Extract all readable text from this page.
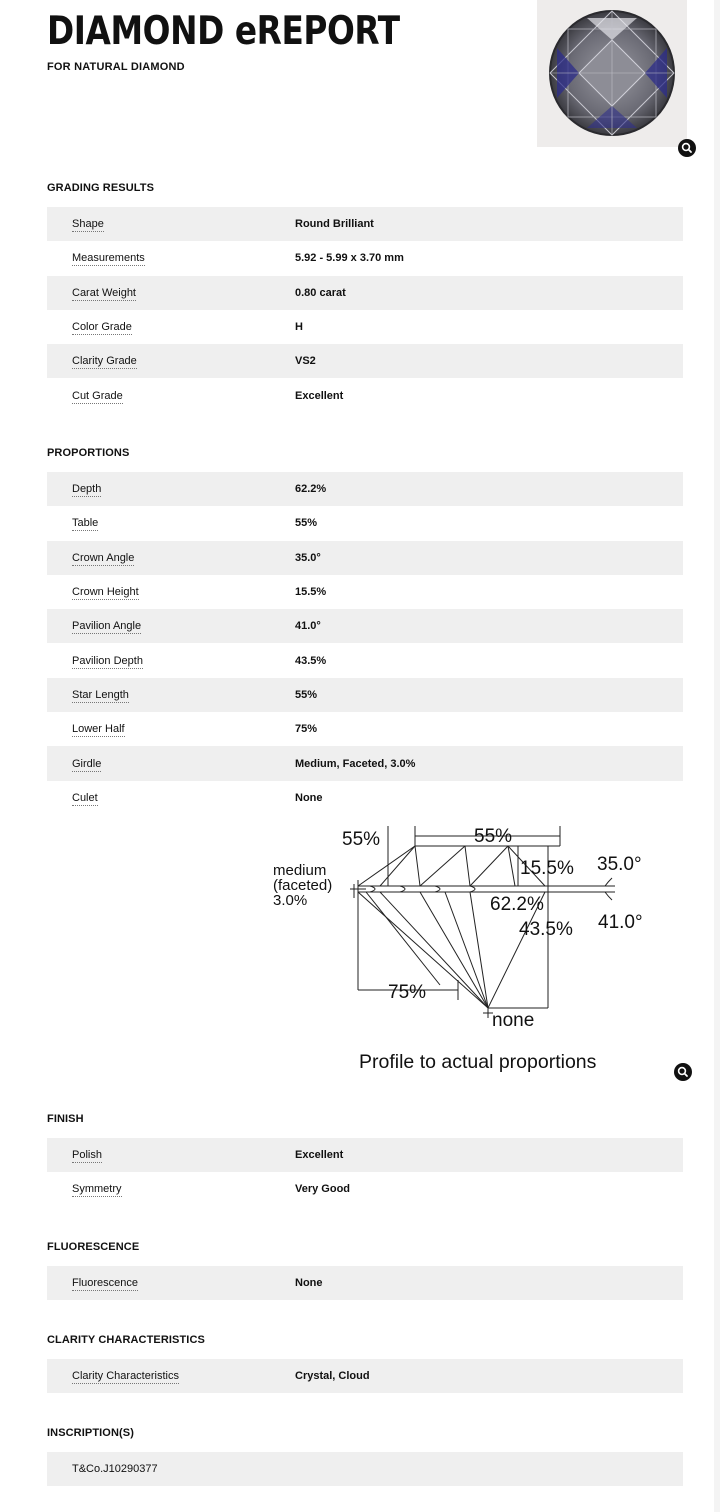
DIAMOND eREPORT
FOR NATURAL DIAMOND
GRADING RESULTS
Shape	Round Brilliant
Measurements	5.92 - 5.99 x 3.70 mm
Carat Weight	0.80 carat
Color Grade	H
Clarity Grade	VS2
Cut Grade	Excellent
PROPORTIONS
Depth	62.2%
Table	55%
Crown Angle	35.0°
Crown Height	15.5%
Pavilion Angle	41.0°
Pavilion Depth	43.5%
Star Length	55%
Lower Half	75%
Girdle	Medium, Faceted, 3.0%
Culet	None
55%	55%
medium
(faceted)
3.0%
15.5% 35.0°
62.2%
43.5% 41.0°
75%
none
Profile to actual proportions
FINISH
Polish	Excellent
Symmetry	Very Good
FLUORESCENCE
Fluorescence	None
CLARITY CHARACTERISTICS
Clarity Characteristics	Crystal, Cloud
INSCRIPTION(S)
T&Co.J10290377
